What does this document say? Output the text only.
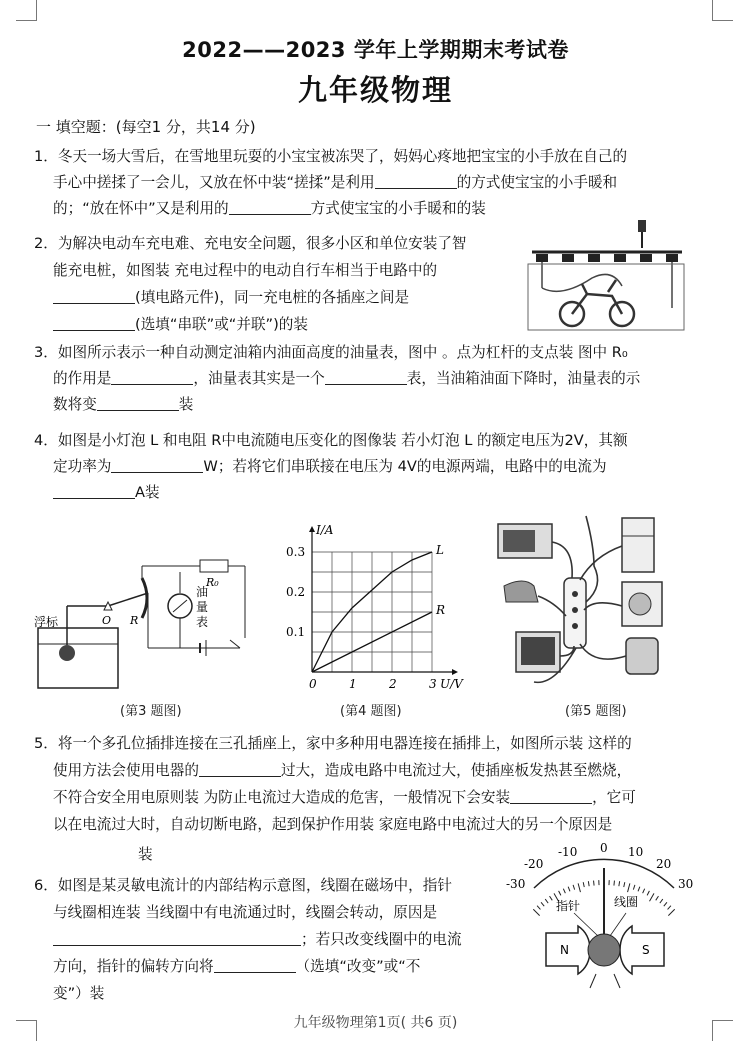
2022——2023 学年上学期期末考试卷
九年级物理
一 填空题：(每空1 分，共14 分)
1．冬天一场大雪后，在雪地里玩耍的小宝宝被冻哭了，妈妈心疼地把宝宝的小手放在自己的
手心中搓揉了一会儿，又放在怀中装“搓揉”是利用	的方式使宝宝的小手暖和
的；“放在怀中”又是利用的	方式使宝宝的小手暖和的装
2．为解决电动车充电难、充电安全问题，很多小区和单位安装了智
能充电桩，如图装 充电过程中的电动自行车相当于电路中的
(填电路元件)，同一充电桩的各插座之间是
(选填“串联”或“并联”)的装
3．如图所示表示一种自动测定油箱内油面高度的油量表，图中 。点为杠杆的支点装 图中 R₀
的作用是	，油量表其实是一个	表，当油箱油面下降时，油量表的示
数将变	装
4．如图是小灯泡 L 和电阻 R中电流随电压变化的图像装 若小灯泡 L 的额定电压为2V，其额
定功率为	W；若将它们串联接在电压为 4V的电源两端，电路中的电流为
A装
浮标	O R
R₀
油
量
表
0	1	2	3
0.1
0.2
0.3
U/V
I/A
L
R
(第3 题图)	(第4 题图)	(第5 题图)
5．将一个多孔位插排连接在三孔插座上，家中多种用电器连接在插排上，如图所示装 这样的
使用方法会使用电器的	过大，造成电路中电流过大，使插座板发热甚至燃烧，
不符合安全用电原则装 为防止电流过大造成的危害，一般情况下会安装	，它可
以在电流过大时，自动切断电路，起到保护作用装 家庭电路中电流过大的另一个原因是
装
6．如图是某灵敏电流计的内部结构示意图，线圈在磁场中，指针
与线圈相连装 当线圈中有电流通过时，线圈会转动，原因是
；若只改变线圈中的电流
方向，指针的偏转方向将	（选填“改变”或“不
变”）装
-30
-20
-10 0 10
20
30
指针	线圈
N	S
九年级物理第1页( 共6 页)
